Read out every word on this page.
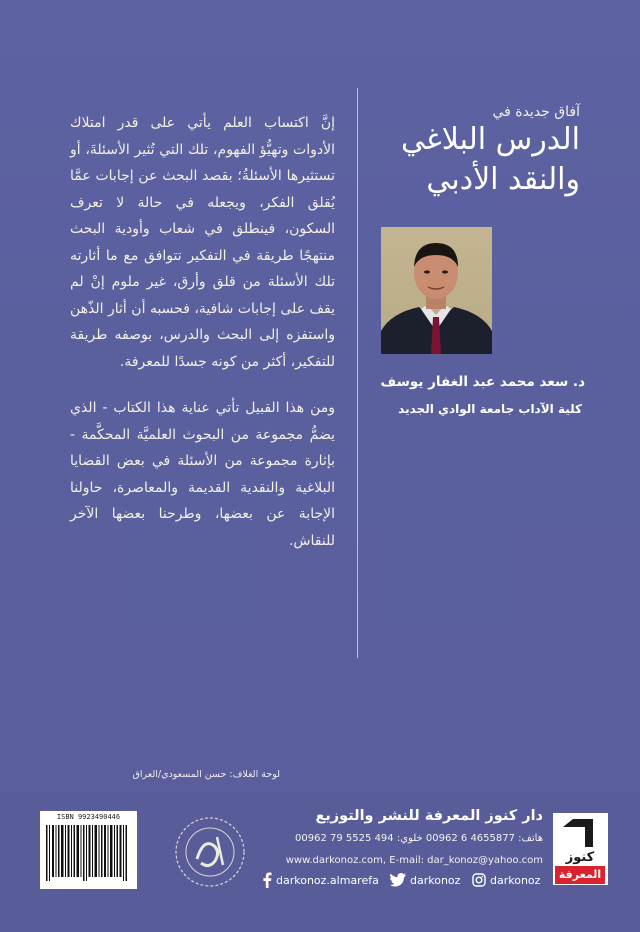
إنَّ اكتساب العلم يأتي على قدر امتلاك الأدوات وتهيُّؤ الفهوم، تلك التي تُثير الأسئلةَ، أو تستثيرها الأسئلةُ؛ بقصد البحث عن إجابات عمَّا يُقلق الفكر، ويجعله في حالة لا تعرف السكون، فينطلق في شعاب وأودية البحث منتهجًا طريقة في التفكير تتوافق مع ما أثارته تلك الأسئلة من قلق وأرق، غير ملوم إنْ لم يقف على إجابات شافية، فحسبه أن أثار الذّهن واستفزه إلى البحث والدرس، بوصفه طريقة للتفكير، أكثر من كونه جسدًا للمعرفة.

ومن هذا القبيل تأتي عناية هذا الكتاب - الذي يضمُّ مجموعة من البحوث العلميَّة المحكَّمة - بإثارة مجموعة من الأسئلة في بعض القضايا البلاغية والنقدية القديمة والمعاصرة، حاولنا الإجابة عن بعضها، وطرحنا بعضها الآخر للنقاش.

آفاق جديدة في
الدرس البلاغي
والنقد الأدبي
د. سعد محمد عبد الغفار يوسف
كلية الآداب جامعة الوادي الجديد
لوحة الغلاف: حسن المسعودي/العراق
ISBN 9923490446	دار كنوز المعرفة للنشر والتوزيع
هاتف: 4655877 6 00962 خلوي: 494 5525 79 00962
www.darkonoz.com, E-mail: dar_konoz@yahoo.com
darkonoz.almarefa	darkonoz	darkonoz
كنوز
المعرفة
